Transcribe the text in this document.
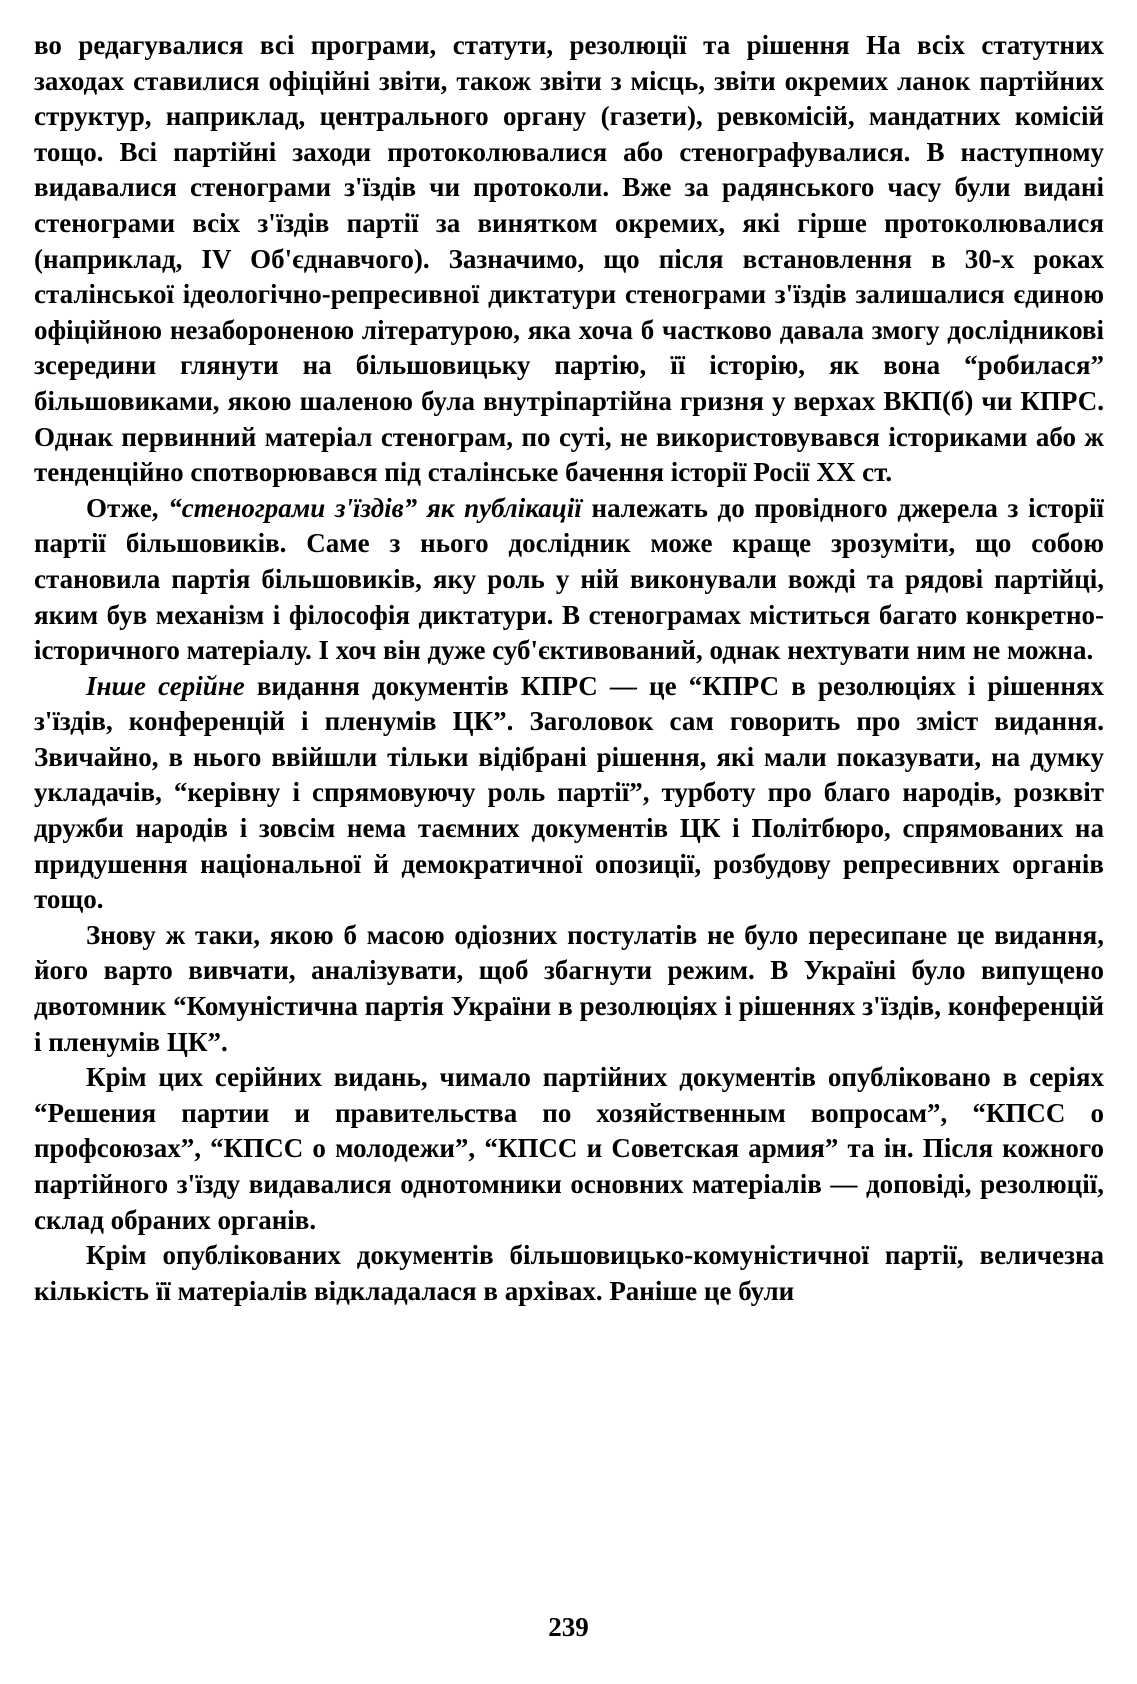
во редагувалися всі програми, статути, резолюції та рішення На всіх статутних заходах ставилися офіційні звіти, також звіти з місць, звіти окремих ланок партійних структур, наприклад, центрального органу (газети), ревкомісій, мандатних комісій тощо. Всі партійні заходи протоколювалися або стенографувалися. В наступному видавалися стенограми з'їздів чи протоколи. Вже за радянського часу були видані стенограми всіх з'їздів партії за винятком окремих, які гірше протоколювалися (наприклад, IV Об'єднавчого). Зазначимо, що після встановлення в 30-х роках сталінської ідеологічно-репресивної диктатури стенограми з'їздів залишалися єдиною офіційною незабороненою літературою, яка хоча б частково давала змогу дослідникові зсередини глянути на більшовицьку партію, її історію, як вона “робилася” більшовиками, якою шаленою була внутріпартійна гризня у верхах ВКП(б) чи КПРС. Однак первинний матеріал стенограм, по суті, не використовувався істориками або ж тенденційно спотворювався під сталінське бачення історії Росії XX ст.

Отже, “стенограми з'їздів” як публікації належать до провідного джерела з історії партії більшовиків. Саме з нього дослідник може краще зрозуміти, що собою становила партія більшовиків, яку роль у ній виконували вожді та рядові партійці, яким був механізм і філософія диктатури. В стенограмах міститься багато конкретно-історичного матеріалу. І хоч він дуже суб'єктивований, однак нехтувати ним не можна.

Інше серійне видання документів КПРС — це “КПРС в резолюціях і рішеннях з'їздів, конференцій і пленумів ЦК”. Заголовок сам говорить про зміст видання. Звичайно, в нього ввійшли тільки відібрані рішення, які мали показувати, на думку укладачів, “керівну і спрямовуючу роль партії”, турботу про благо народів, розквіт дружби народів і зовсім нема таємних документів ЦК і Політбюро, спрямованих на придушення національної й демократичної опозиції, розбудову репресивних органів тощо.

Знову ж таки, якою б масою одіозних постулатів не було пересипане це видання, його варто вивчати, аналізувати, щоб збагнути режим. В Україні було випущено двотомник “Комуністична партія України в резолюціях і рішеннях з'їздів, конференцій і пленумів ЦК”.

Крім цих серійних видань, чимало партійних документів опубліковано в серіях “Решения партии и правительства по хозяйственным вопросам”, “КПСС о профсоюзах”, “КПСС о молодежи”, “КПСС и Советская армия” та ін. Після кожного партійного з'їзду видавалися однотомники основних матеріалів — доповіді, резолюції, склад обраних органів.

Крім опублікованих документів більшовицько-комуністичної партії, величезна кількість її матеріалів відкладалася в архівах. Раніше це були

239
